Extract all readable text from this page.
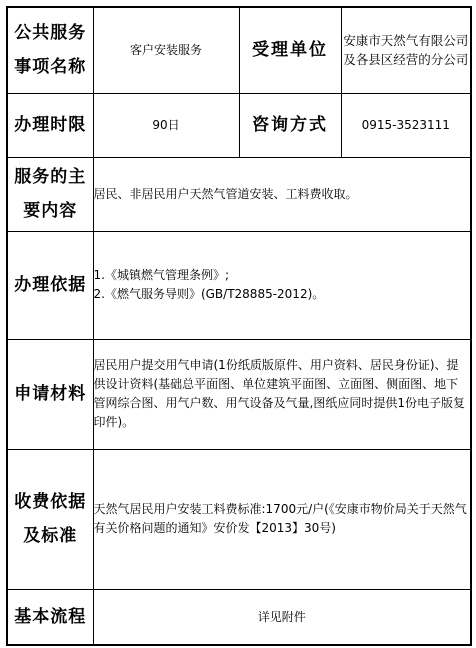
公共服务
事项名称	客户安装服务	受理单位	安康市天然气有限公司及各县区经营的分公司
办理时限	90日	咨询方式	0915-3523111

服务的主
要内容	居民、非居民用户天然气管道安装、工料费收取。		
办理依据	1.《城镇燃气管理条例》;
2.《燃气服务导则》(GB/T28885-2012)。		

申请材料	居民用户提交用气申请(1份纸质版原件、用户资料、居民身份证)、提供设计资料(基础总平面图、单位建筑平面图、立面图、侧面图、地下管网综合图、用气户数、用气设备及气量,图纸应同时提供1份电子版复印件)。		

收费依据
及标准	天然气居民用户安装工料费标准:1700元/户(《安康市物价局关于天然气有关价格问题的通知》安价发【2013】30号)		
基本流程	详见附件		
